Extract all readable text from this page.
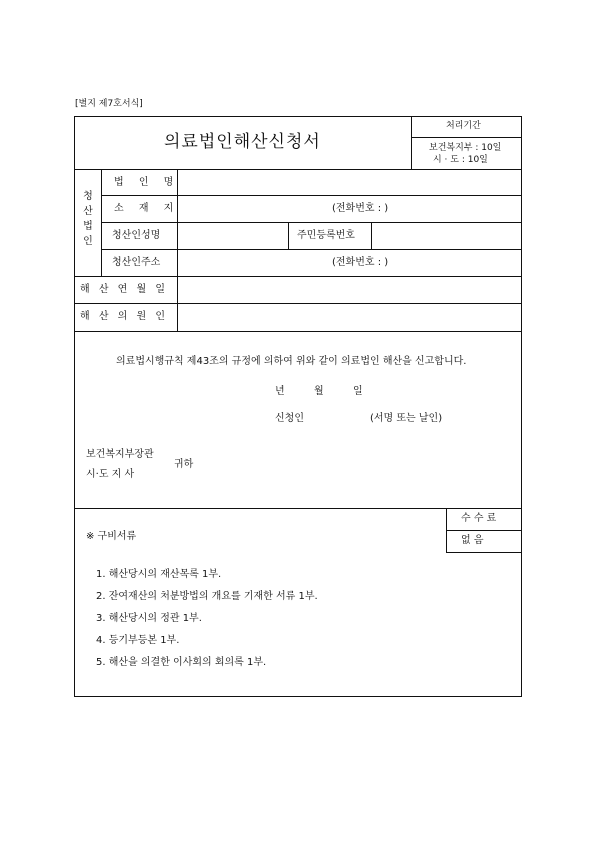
[별지 제7호서식]
의료법인해산신청서
처리기간
보건복지부 : 10일
시 · 도 : 10일
청
산
법
인
법 인 명
소 재 지	(전화번호 : )
청산인성명	주민등록번호
청산인주소	(전화번호 : )
해 산 연 월 일
해 산 의 원 인
의료법시행규칙 제43조의 규정에 의하여 위와 같이 의료법인 해산을 신고합니다.
년	월	일
신청인	(서명 또는 날인)
보건복지부장관
시·도 지 사
귀하
수 수 료
없 음
※ 구비서류
1. 해산당시의 재산목록 1부.
2. 잔여재산의 처분방법의 개요를 기재한 서류 1부.
3. 해산당시의 정관 1부.
4. 등기부등본 1부.
5. 해산을 의결한 이사회의 회의록 1부.
